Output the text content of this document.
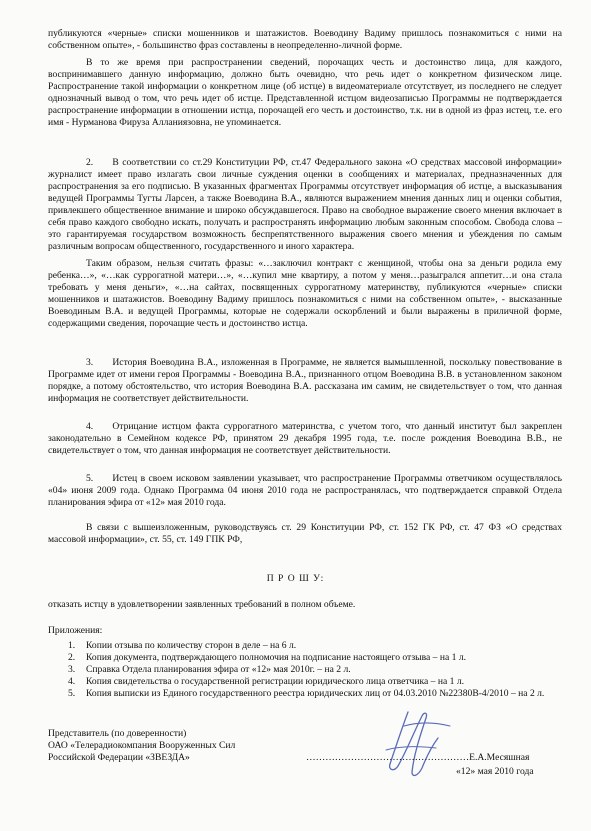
публикуются «черные» списки мошенников и шатажистов. Воеводину Вадиму пришлось познакомиться с ними на собственном опыте», - большинство фраз составлены в неопределенно-личной форме.

В то же время при распространении сведений, порочащих честь и достоинство лица, для каждого, воспринимавшего данную информацию, должно быть очевидно, что речь идет о конкретном физическом лице. Распространение такой информации о конкретном лице (об истце) в видеоматериале отсутствует, из последнего не следует однозначный вывод о том, что речь идет об истце. Представленной истцом видеозаписью Программы не подтверждается распространение информации в отношении истца, порочащей его честь и достоинство, т.к. ни в одной из фраз истец, т.е. его имя - Нурманова Фируза Алланиязовна, не упоминается.

2.  В соответствии со ст.29 Конституции РФ, ст.47 Федерального закона «О средствах массовой информации» журналист имеет право излагать свои личные суждения оценки в сообщениях и материалах, предназначенных для распространения за его подписью. В указанных фрагментах Программы отсутствует информация об истце, а высказывания ведущей Программы Тугты Ларсен, а также Воеводина В.А., являются выражением мнения данных лиц и оценки события, привлекшего общественное внимание и широко обсуждавшегося. Право на свободное выражение своего мнения включает в себя право каждого свободно искать, получать и распространять информацию любым законным способом. Свобода слова – это гарантируемая государством возможность беспрепятственного выражения своего мнения и убеждения по самым различным вопросам общественного, государственного и иного характера.

Таким образом, нельзя считать фразы: «…заключил контракт с женщиной, чтобы она за деньги родила ему ребенка…», «…как суррогатной матери…», «…купил мне квартиру, а потом у меня…разыгрался аппетит…и она стала требовать у меня деньги», «…на сайтах, посвященных суррогатному материнству, публикуются «черные» списки мошенников и шатажистов. Воеводину Вадиму пришлось познакомиться с ними на собственном опыте», - высказанные Воеводиным В.А. и ведущей Программы, которые не содержали оскорблений и были выражены в приличной форме, содержащими сведения, порочащие честь и достоинство истца.

3.  История Воеводина В.А., изложенная в Программе, не является вымышленной, поскольку повествование в Программе идет от имени героя Программы - Воеводина В.А., признанного отцом Воеводина В.В. в установленном законом порядке, а потому обстоятельство, что история Воеводина В.А. рассказана им самим, не свидетельствует о том, что данная информация не соответствует действительности.

4.  Отрицание истцом факта суррогатного материнства, с учетом того, что данный институт был закреплен законодательно в Семейном кодексе РФ, принятом 29 декабря 1995 года, т.е. после рождения Воеводина В.В., не свидетельствует о том, что данная информация не соответствует действительности.

5.  Истец в своем исковом заявлении указывает, что распространение Программы ответчиком осуществлялось «04» июня 2009 года. Однако Программа 04 июня 2010 года не распространялась, что подтверждается справкой Отдела планирования эфира от «12» мая 2010 года.

В связи с вышеизложенным, руководствуясь ст. 29 Конституции РФ, ст. 152 ГК РФ, ст. 47 ФЗ «О средствах массовой информации», ст. 55, ст. 149 ГПК РФ,

П Р О Ш У:

отказать истцу в удовлетворении заявленных требований в полном объеме.

Приложения:

1. Копии отзыва по количеству сторон в деле – на 6 л.
2. Копия документа, подтверждающего полномочия на подписание настоящего отзыва – на 1 л.
3. Справка Отдела планирования эфира от «12» мая 2010г. – на 2 л.
4. Копия свидетельства о государственной регистрации юридического лица ответчика – на 1 л.
5. Копия выписки из Единого государственного реестра юридических лиц от 04.03.2010 №22380В-4/2010 – на 2 л.
Представитель (по доверенности)
ОАО «Телерадиокомпания Вооруженных Сил
Российской Федерации «ЗВЕЗДА»	……………………………………………Е.А.Месяшная
«12» мая 2010 года
